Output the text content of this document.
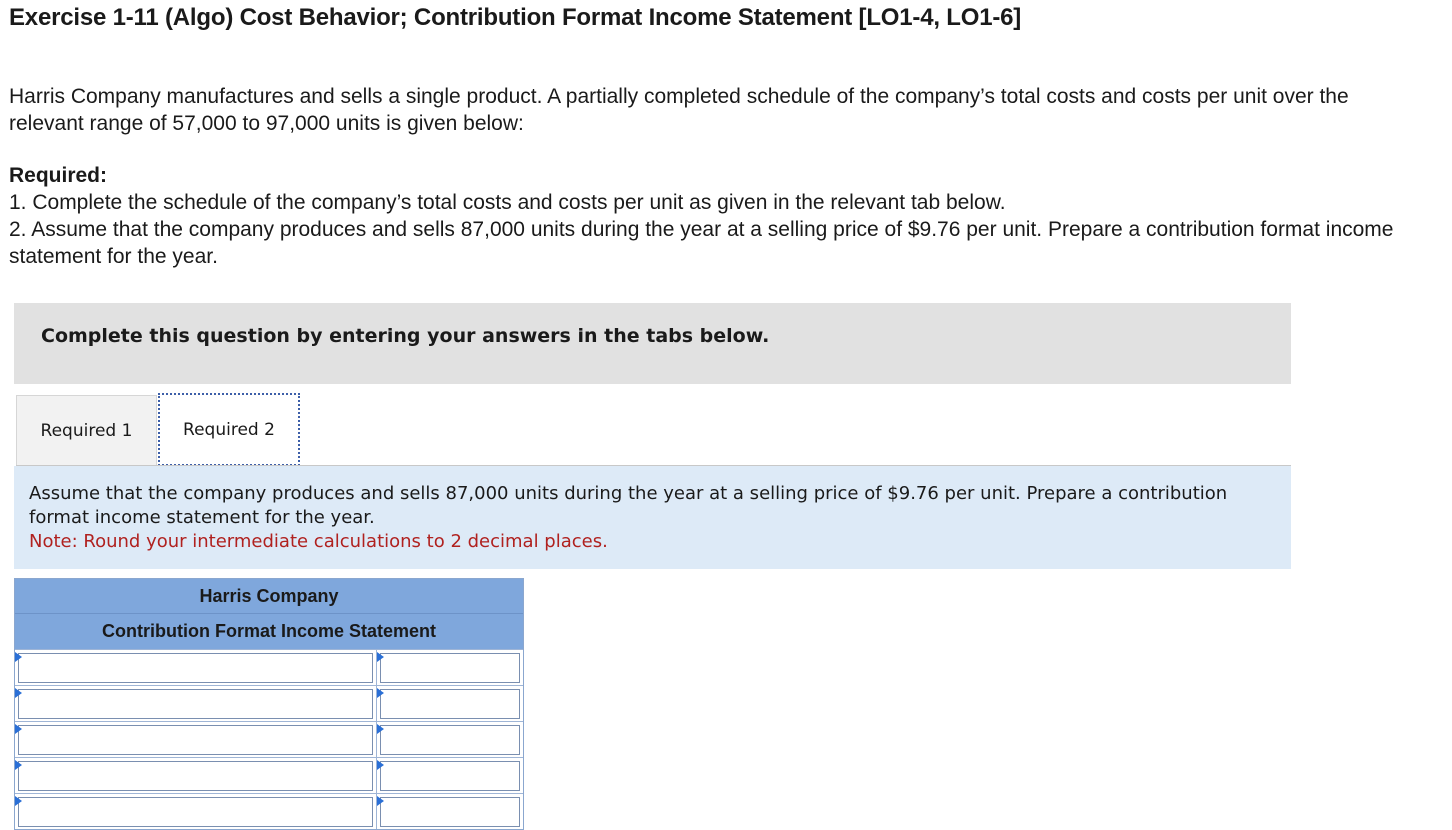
Exercise 1-11 (Algo) Cost Behavior; Contribution Format Income Statement [LO1-4, LO1-6]
Harris Company manufactures and sells a single product. A partially completed schedule of the company’s total costs and costs per unit over the relevant range of 57,000 to 97,000 units is given below:
Required:
1. Complete the schedule of the company’s total costs and costs per unit as given in the relevant tab below.
2. Assume that the company produces and sells 87,000 units during the year at a selling price of $9.76 per unit. Prepare a contribution format income statement for the year.
Complete this question by entering your answers in the tabs below.
Required 1	Required 2
Assume that the company produces and sells 87,000 units during the year at a selling price of $9.76 per unit. Prepare a contribution format income statement for the year.
Note: Round your intermediate calculations to 2 decimal places.
Harris Company
Contribution Format Income Statement
